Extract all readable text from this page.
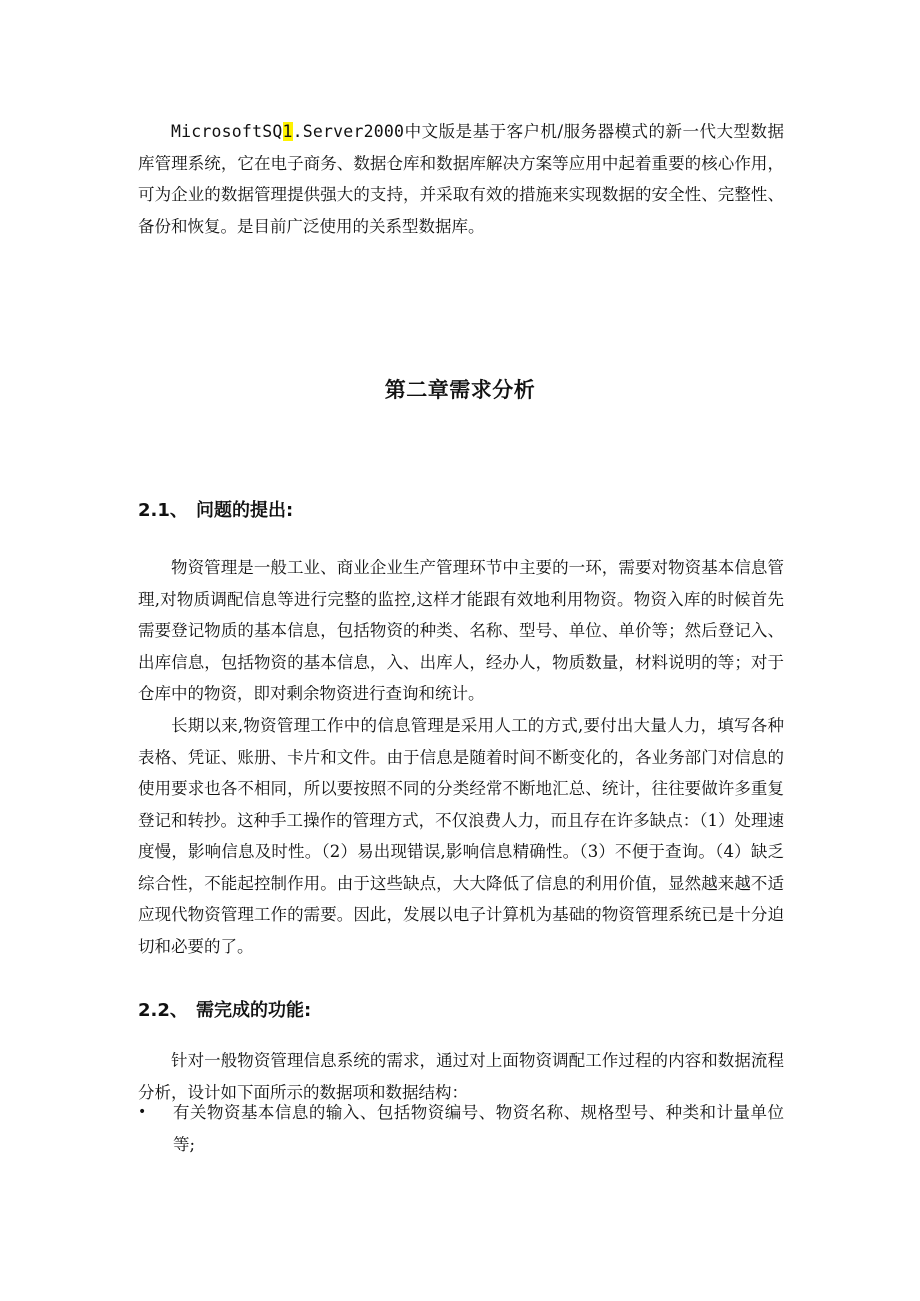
MicrosoftSQ1.Server2000中文版是基于客户机/服务器模式的新一代大型数据库管理系统，它在电子商务、数据仓库和数据库解决方案等应用中起着重要的核心作用，可为企业的数据管理提供强大的支持，并采取有效的措施来实现数据的安全性、完整性、备份和恢复。是目前广泛使用的关系型数据库。

第二章需求分析
2.1、 问题的提出:

物资管理是一般工业、商业企业生产管理环节中主要的一环，需要对物资基本信息管理,对物质调配信息等进行完整的监控,这样才能跟有效地利用物资。物资入库的时候首先需要登记物质的基本信息，包括物资的种类、名称、型号、单位、单价等；然后登记入、出库信息，包括物资的基本信息，入、出库人，经办人，物质数量，材料说明的等；对于仓库中的物资，即对剩余物资进行查询和统计。

长期以来,物资管理工作中的信息管理是采用人工的方式,要付出大量人力，填写各种表格、凭证、账册、卡片和文件。由于信息是随着时间不断变化的，各业务部门对信息的使用要求也各不相同，所以要按照不同的分类经常不断地汇总、统计，往往要做许多重复登记和转抄。这种手工操作的管理方式，不仅浪费人力，而且存在许多缺点：（1）处理速度慢，影响信息及时性。（2）易出现错误,影响信息精确性。（3）不便于查询。（4）缺乏综合性，不能起控制作用。由于这些缺点，大大降低了信息的利用价值，显然越来越不适应现代物资管理工作的需要。因此，发展以电子计算机为基础的物资管理系统已是十分迫切和必要的了。

2.2、 需完成的功能:

针对一般物资管理信息系统的需求，通过对上面物资调配工作过程的内容和数据流程分析，设计如下面所示的数据项和数据结构：

• 有关物资基本信息的输入、包括物资编号、物资名称、规格型号、种类和计量单位等;
